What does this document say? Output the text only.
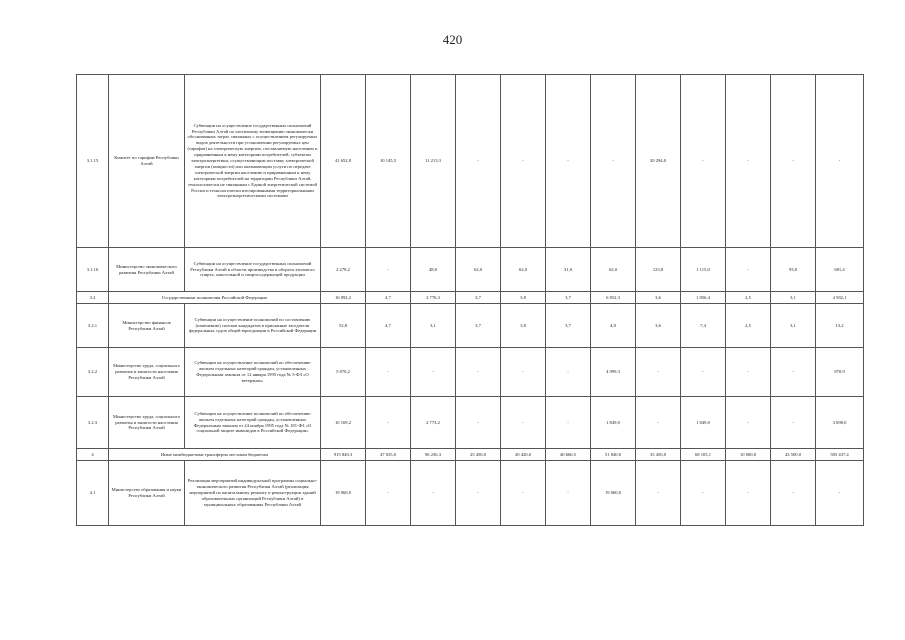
420
3.1.15	Комитет по тарифам Республики Алтай	Субвенции на осуществление государственных полномочий Республики Алтай по частичному возмещению экономически обоснованных затрат, связанных с осуществлением регулируемых видов деятельности при установлении регулируемых цен (тарифов) на электрическую энергию, поставляемую населению и приравненным к нему категориям потребителей, субъектам электроэнергетики, осуществляющим поставку электрической энергии (мощности) или оказывающим услуги по передаче электрической энергии населению и приравненным к нему категориям потребителей на территории Республики Алтай, технологически не связанным с Единой энергетической системой России и технологически изолированными территориальными электроэнергетическими системами	41 652,8	10 145,5	11 213,3	-	-	-	-	20 294,0	-	-	-	-
3.1.16	Министерство экономического развития Республики Алтай	Субвенции на осуществление государственных полномочий Республики Алтай в области производства и оборота этилового спирта, алкогольной и спиртосодержащей продукции	2 278,2	-	48,0	62,0	62,0	31,0	62,0	123,8	1 115,0	-	93,0	681,4
3.2	Государственные полномочия Российской Федерации		16 092,2	4,7	2 776,3	3,7	3,8	3,7	6 852,3	3,6	1 856,4	2,5	3,1	4 582,1
3.2.1	Министерство финансов Республики Алтай	Субвенции на осуществление полномочий по составлению (изменению) списков кандидатов в присяжные заседатели федеральных судов общей юрисдикции в Российской Федерации	52,8	4,7	3,1	3,7	3,8	3,7	4,0	3,6	7,4	2,5	3,1	13,2
3.2.2	Министерство труда, социального развития и занятости населения Республики Алтай	Субвенции на осуществление полномочий по обеспечению жильем отдельных категорий граждан, установленных Федеральным законом от 12 января 1995 года № 5-ФЗ «О ветеранах»	5 870,2	-	-	-	-	-	4 999,3	-	-	-	-	870,9
3.2.3	Министерство труда, социального развития и занятости населения Республики Алтай	Субвенции на осуществление полномочий по обеспечению жильем отдельных категорий граждан, установленных Федеральным законом от 24 ноября 1995 года № 181-ФЗ «О социальной защите инвалидов в Российской Федерации»	10 169,2	-	2 773,2	-	-	-	1 849,0	-	1 849,0	-	-	3 698,0
4	Иные межбюджетные трансферты местным бюджетам		915 840,3	47 035,0	96 236,3	25 450,0	20 420,0	40 666,5	51 840,0	35 450,0	68 105,1	10 000,0	43 500,0	505 437,4
4.1	Министерство образования и науки Республики Алтай	Реализация мероприятий индивидуальной программы социально-экономического развития Республики Алтай (реализация мероприятий по капитальному ремонту и реконструкции зданий образовательных организаций Республики Алтай) в муниципальных образованиях Республики Алтай	19 060,0	-	-	-	-	-	19 060,0	-	-	-	-	-
